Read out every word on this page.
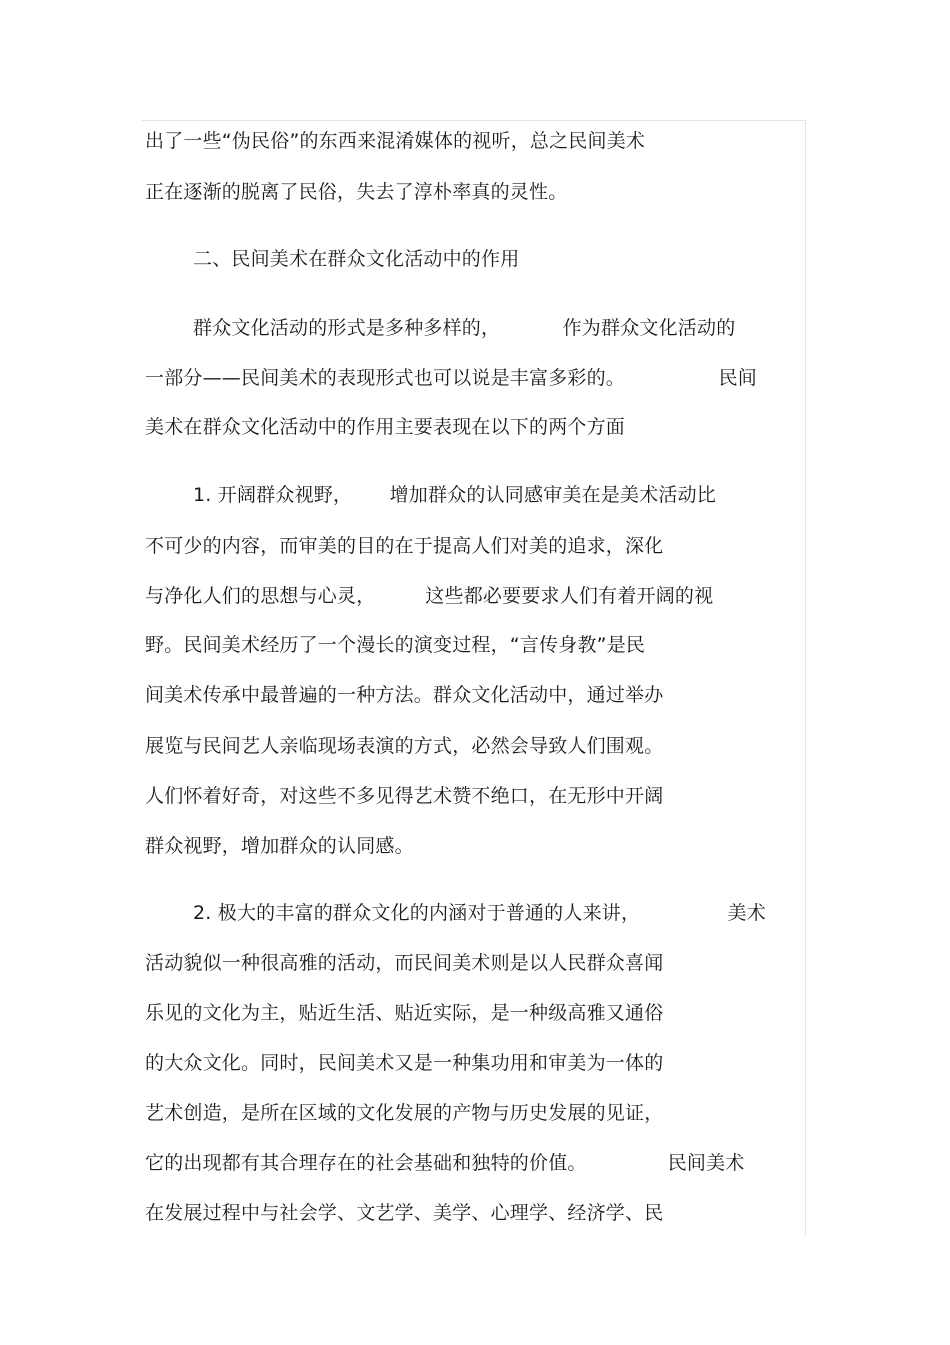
出了一些“伪民俗”的东西来混淆媒体的视听，总之民间美术
正在逐渐的脱离了民俗，失去了淳朴率真的灵性。
二、民间美术在群众文化活动中的作用
群众文化活动的形式是多种多样的，          作为群众文化活动的
一部分——民间美术的表现形式也可以说是丰富多彩的。               民间
美术在群众文化活动中的作用主要表现在以下的两个方面
1. 开阔群众视野，      增加群众的认同感审美在是美术活动比
不可少的内容，而审美的目的在于提高人们对美的追求，深化
与净化人们的思想与心灵，        这些都必要要求人们有着开阔的视
野。民间美术经历了一个漫长的演变过程，“言传身教”是民
间美术传承中最普遍的一种方法。群众文化活动中，通过举办
展览与民间艺人亲临现场表演的方式，必然会导致人们围观。
人们怀着好奇，对这些不多见得艺术赞不绝口，在无形中开阔
群众视野，增加群众的认同感。
2. 极大的丰富的群众文化的内涵对于普通的人来讲，              美术
活动貌似一种很高雅的活动，而民间美术则是以人民群众喜闻
乐见的文化为主，贴近生活、贴近实际，是一种级高雅又通俗
的大众文化。同时，民间美术又是一种集功用和审美为一体的
艺术创造，是所在区域的文化发展的产物与历史发展的见证，
它的出现都有其合理存在的社会基础和独特的价值。             民间美术
在发展过程中与社会学、文艺学、美学、心理学、经济学、民
